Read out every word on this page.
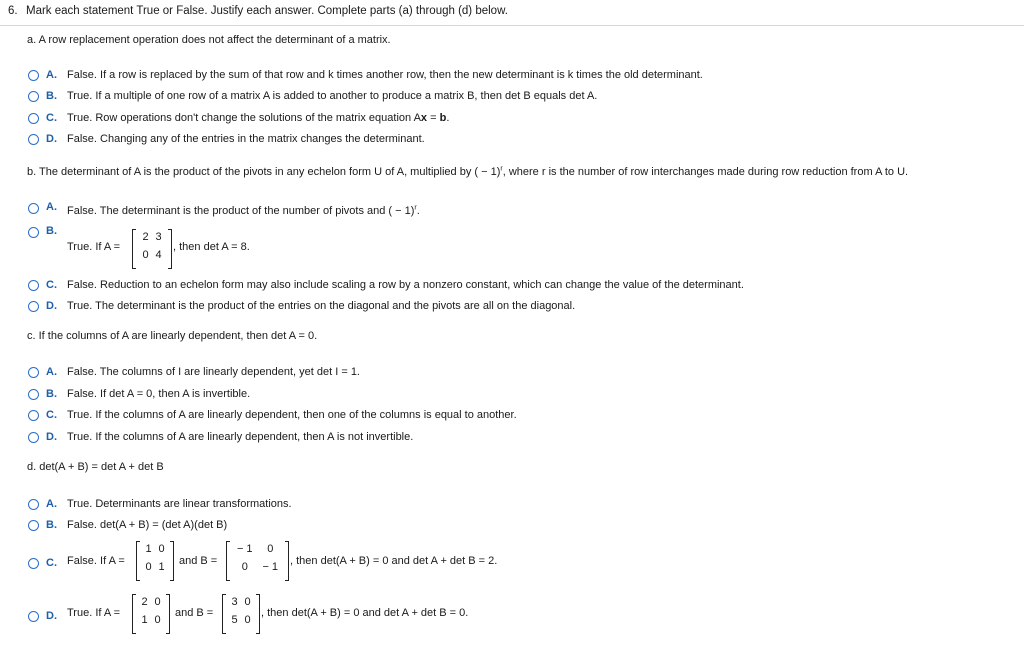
6. Mark each statement True or False. Justify each answer. Complete parts (a) through (d) below.
a. A row replacement operation does not affect the determinant of a matrix.
A. False. If a row is replaced by the sum of that row and k times another row, then the new determinant is k times the old determinant.
B. True. If a multiple of one row of a matrix A is added to another to produce a matrix B, then det B equals det A.
C. True. Row operations don't change the solutions of the matrix equation Ax = b.
D. False. Changing any of the entries in the matrix changes the determinant.
b. The determinant of A is the product of the pivots in any echelon form U of A, multiplied by ( − 1)$^r$, where r is the number of row interchanges made during row reduction from A to U.
A. False. The determinant is the product of the number of pivots and ( − 1)$^r$.
B.
True. If A =
2 3
0 4
, then det A = 8.
C. False. Reduction to an echelon form may also include scaling a row by a nonzero constant, which can change the value of the determinant.
D. True. The determinant is the product of the entries on the diagonal and the pivots are all on the diagonal.
c. If the columns of A are linearly dependent, then det A = 0.
A. False. The columns of I are linearly dependent, yet det I = 1.
B. False. If det A = 0, then A is invertible.
C. True. If the columns of A are linearly dependent, then one of the columns is equal to another.
D. True. If the columns of A are linearly dependent, then A is not invertible.
d. det(A + B) = det A + det B
A. True. Determinants are linear transformations.
B. False. det(A + B) = (det A)(det B)
C. False. If A =
1 0
0 1	and B =
− 1	0
0	− 1	, then det(A + B) = 0 and det A + det B = 2.
D. True. If A =
2 0
1 0
and B =
3 0
5 0
, then det(A + B) = 0 and det A + det B = 0.
